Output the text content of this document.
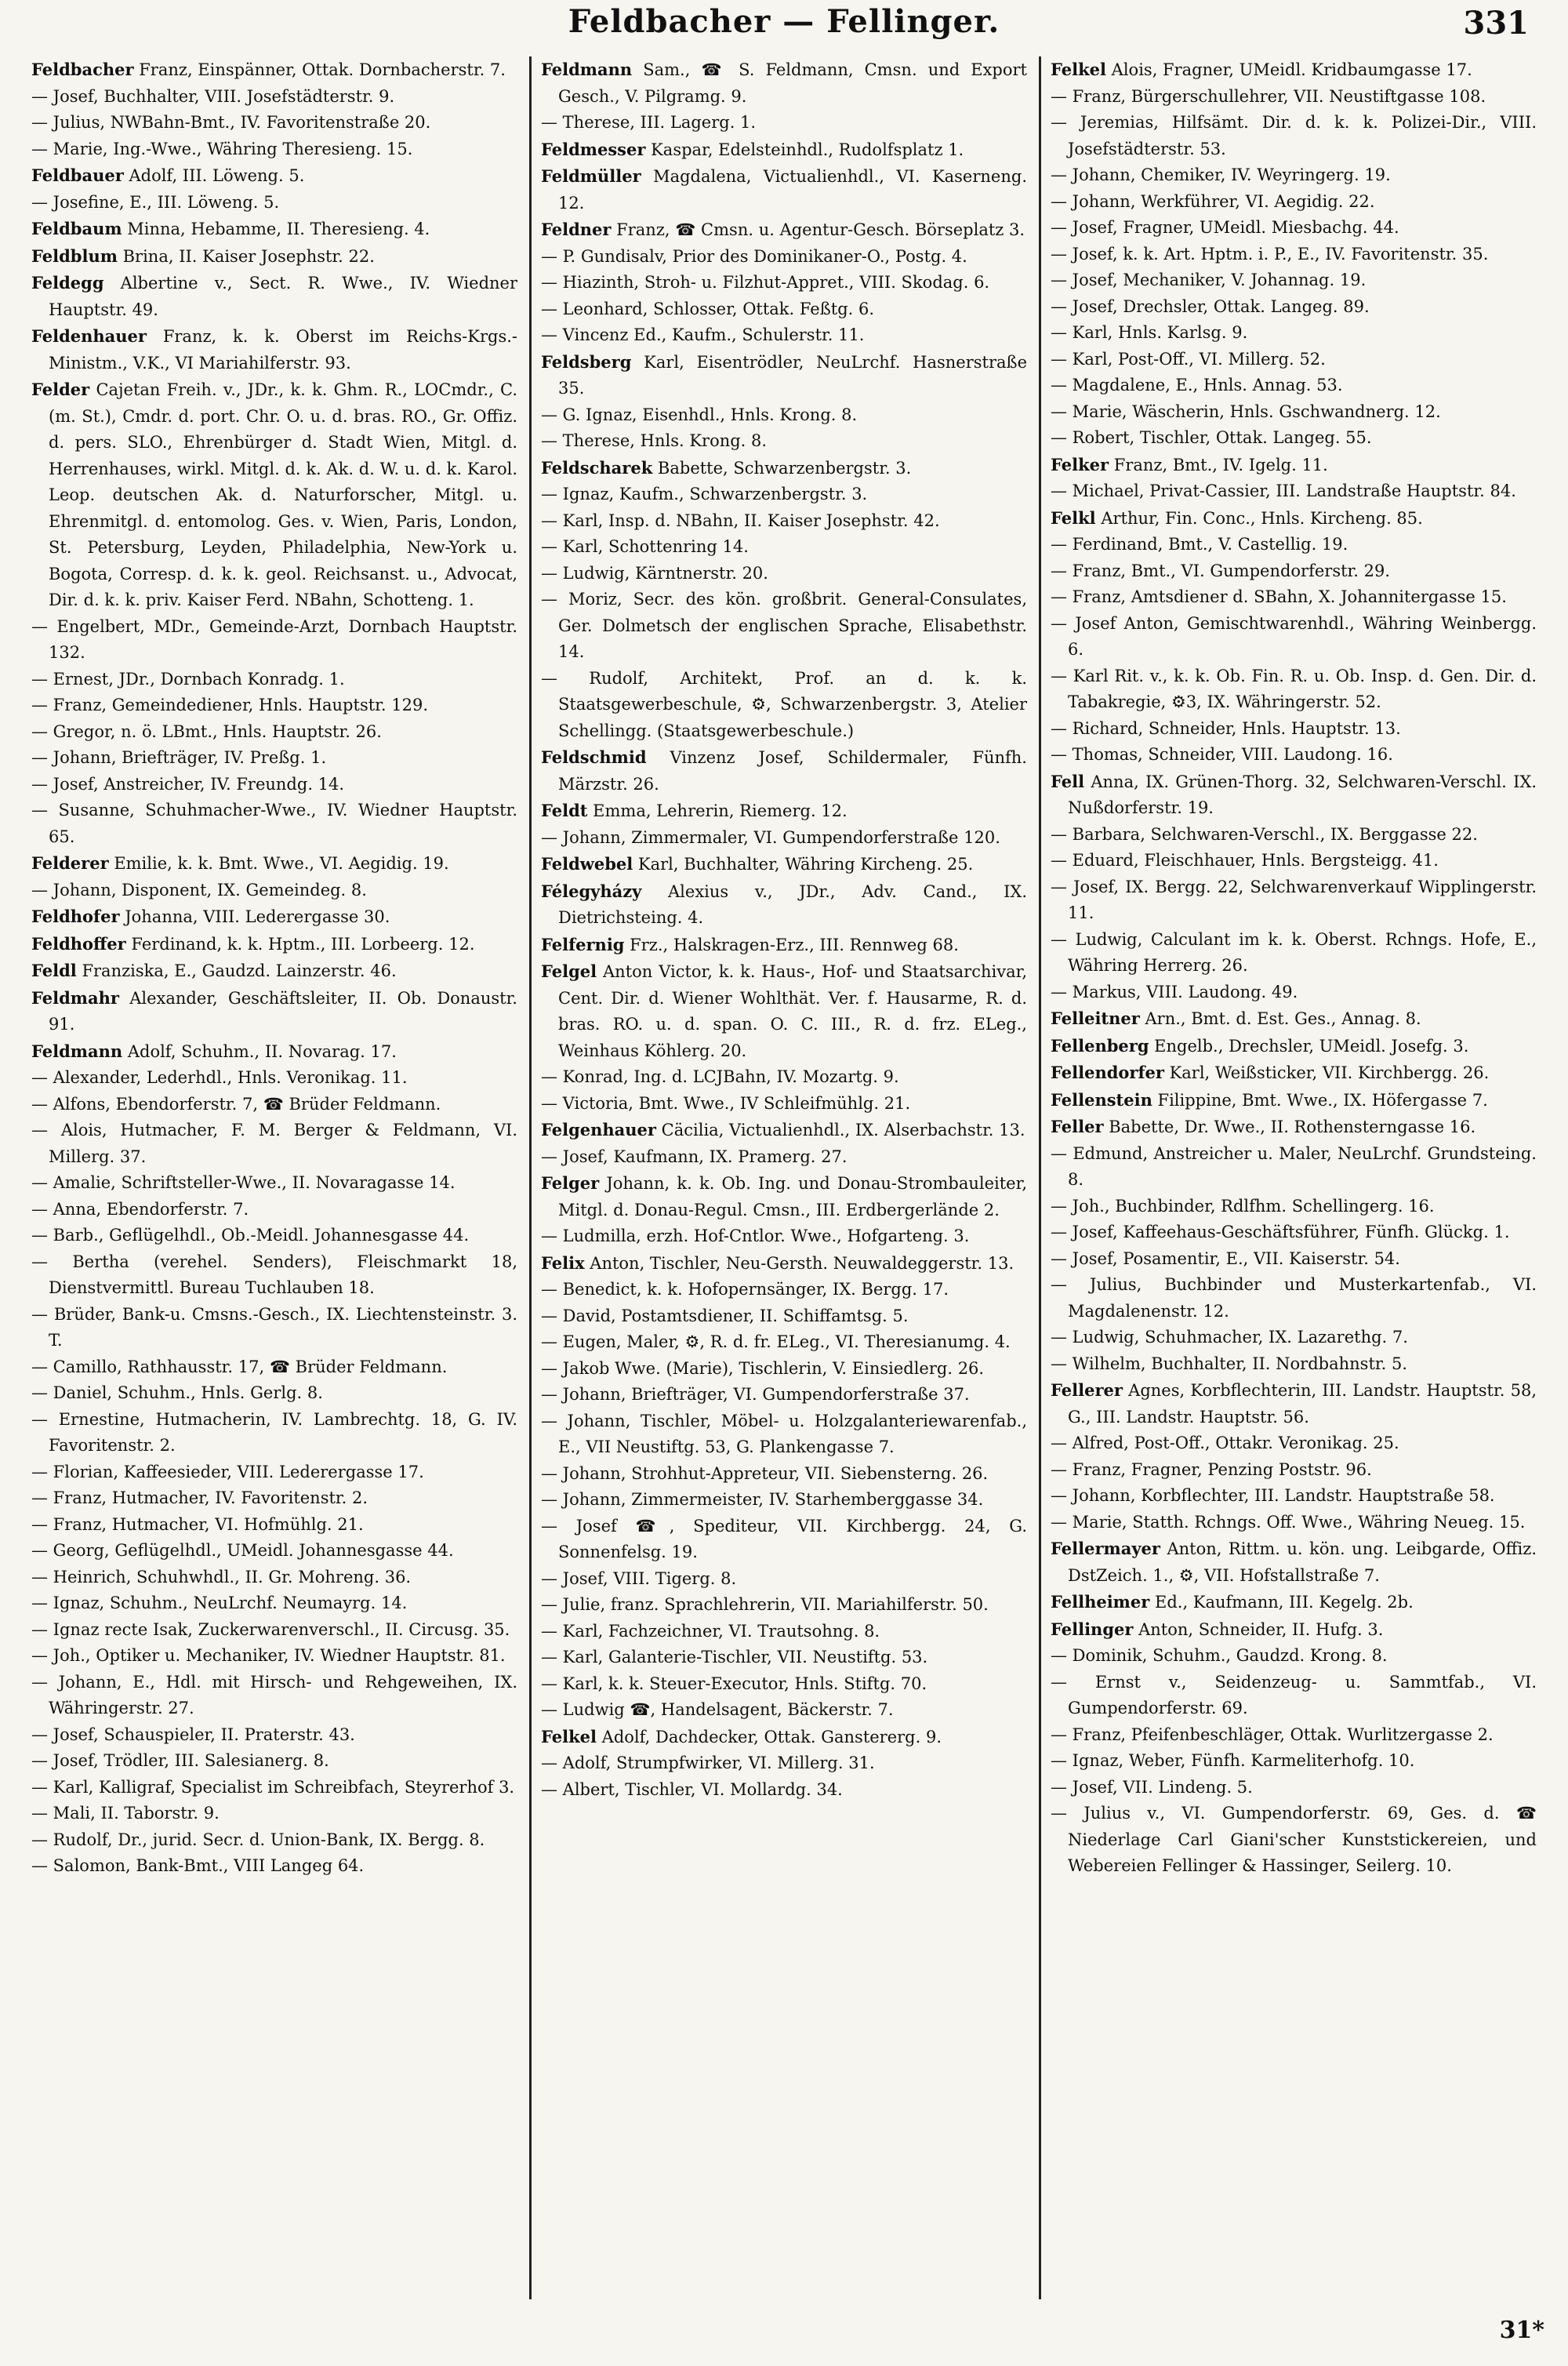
Feldbacher — Fellinger.	331

Feldbacher Franz, Einspänner, Ottak. Dornbacherstr. 7.

— Josef, Buchhalter, VIII. Josefstädterstr. 9.

— Julius, NWBahn-Bmt., IV. Favoritenstraße 20.

— Marie, Ing.-Wwe., Währing Theresieng. 15.

Feldbauer Adolf, III. Löweng. 5.

— Josefine, E., III. Löweng. 5.

Feldbaum Minna, Hebamme, II. Theresieng. 4.

Feldblum Brina, II. Kaiser Josephstr. 22.

Feldegg Albertine v., Sect. R. Wwe., IV. Wiedner Hauptstr. 49.

Feldenhauer Franz, k. k. Oberst im Reichs-Krgs.-Ministm., V.K., VI Mariahilferstr. 93.

Felder Cajetan Freih. v., JDr., k. k. Ghm. R., LOCmdr., C. (m. St.), Cmdr. d. port. Chr. O. u. d. bras. RO., Gr. Offiz. d. pers. SLO., Ehrenbürger d. Stadt Wien, Mitgl. d. Herrenhauses, wirkl. Mitgl. d. k. Ak. d. W. u. d. k. Karol. Leop. deutschen Ak. d. Naturforscher, Mitgl. u. Ehrenmitgl. d. entomolog. Ges. v. Wien, Paris, London, St. Petersburg, Leyden, Philadelphia, New-York u. Bogota, Corresp. d. k. k. geol. Reichsanst. u., Advocat, Dir. d. k. k. priv. Kaiser Ferd. NBahn, Schotteng. 1.

— Engelbert, MDr., Gemeinde-Arzt, Dornbach Hauptstr. 132.

— Ernest, JDr., Dornbach Konradg. 1.

— Franz, Gemeindediener, Hnls. Hauptstr. 129.

— Gregor, n. ö. LBmt., Hnls. Hauptstr. 26.

— Johann, Briefträger, IV. Preßg. 1.

— Josef, Anstreicher, IV. Freundg. 14.

— Susanne, Schuhmacher-Wwe., IV. Wiedner Hauptstr. 65.

Felderer Emilie, k. k. Bmt. Wwe., VI. Aegidig. 19.

— Johann, Disponent, IX. Gemeindeg. 8.

Feldhofer Johanna, VIII. Lederergasse 30.

Feldhoffer Ferdinand, k. k. Hptm., III. Lorbeerg. 12.

Feldl Franziska, E., Gaudzd. Lainzerstr. 46.

Feldmahr Alexander, Geschäftsleiter, II. Ob. Donaustr. 91.

Feldmann Adolf, Schuhm., II. Novarag. 17.

— Alexander, Lederhdl., Hnls. Veronikag. 11.

— Alfons, Ebendorferstr. 7, ☎ Brüder Feldmann.

— Alois, Hutmacher, F. M. Berger & Feldmann, VI. Millerg. 37.

— Amalie, Schriftsteller-Wwe., II. Novaragasse 14.

— Anna, Ebendorferstr. 7.

— Barb., Geflügelhdl., Ob.-Meidl. Johannesgasse 44.

— Bertha (verehel. Senders), Fleischmarkt 18, Dienstvermittl. Bureau Tuchlauben 18.

— Brüder, Bank-u. Cmsns.-Gesch., IX. Liechtensteinstr. 3. T.

— Camillo, Rathhausstr. 17, ☎ Brüder Feldmann.

— Daniel, Schuhm., Hnls. Gerlg. 8.

— Ernestine, Hutmacherin, IV. Lambrechtg. 18, G. IV. Favoritenstr. 2.

— Florian, Kaffeesieder, VIII. Lederergasse 17.

— Franz, Hutmacher, IV. Favoritenstr. 2.

— Franz, Hutmacher, VI. Hofmühlg. 21.

— Georg, Geflügelhdl., UMeidl. Johannesgasse 44.

— Heinrich, Schuhwhdl., II. Gr. Mohreng. 36.

— Ignaz, Schuhm., NeuLrchf. Neumayrg. 14.

— Ignaz recte Isak, Zuckerwarenverschl., II. Circusg. 35.

— Joh., Optiker u. Mechaniker, IV. Wiedner Hauptstr. 81.

— Johann, E., Hdl. mit Hirsch- und Rehgeweihen, IX. Währingerstr. 27.

— Josef, Schauspieler, II. Praterstr. 43.

— Josef, Trödler, III. Salesianerg. 8.

— Karl, Kalligraf, Specialist im Schreibfach, Steyrerhof 3.

— Mali, II. Taborstr. 9.

— Rudolf, Dr., jurid. Secr. d. Union-Bank, IX. Bergg. 8.

— Salomon, Bank-Bmt., VIII Langeg 64.

Feldmann Sam., ☎ S. Feldmann, Cmsn. und Export Gesch., V. Pilgramg. 9.

— Therese, III. Lagerg. 1.

Feldmesser Kaspar, Edelsteinhdl., Rudolfsplatz 1.

Feldmüller Magdalena, Victualienhdl., VI. Kaserneng. 12.

Feldner Franz, ☎ Cmsn. u. Agentur-Gesch. Börseplatz 3.

— P. Gundisalv, Prior des Dominikaner-O., Postg. 4.

— Hiazinth, Stroh- u. Filzhut-Appret., VIII. Skodag. 6.

— Leonhard, Schlosser, Ottak. Feßtg. 6.

— Vincenz Ed., Kaufm., Schulerstr. 11.

Feldsberg Karl, Eisentrödler, NeuLrchf. Hasnerstraße 35.

— G. Ignaz, Eisenhdl., Hnls. Krong. 8.

— Therese, Hnls. Krong. 8.

Feldscharek Babette, Schwarzenbergstr. 3.

— Ignaz, Kaufm., Schwarzenbergstr. 3.

— Karl, Insp. d. NBahn, II. Kaiser Josephstr. 42.

— Karl, Schottenring 14.

— Ludwig, Kärntnerstr. 20.

— Moriz, Secr. des kön. großbrit. General-Consulates, Ger. Dolmetsch der englischen Sprache, Elisabethstr. 14.

— Rudolf, Architekt, Prof. an d. k. k. Staatsgewerbeschule, ⚙, Schwarzenbergstr. 3, Atelier Schellingg. (Staatsgewerbeschule.)

Feldschmid Vinzenz Josef, Schildermaler, Fünfh. Märzstr. 26.

Feldt Emma, Lehrerin, Riemerg. 12.

— Johann, Zimmermaler, VI. Gumpendorferstraße 120.

Feldwebel Karl, Buchhalter, Währing Kircheng. 25.

Félegyházy Alexius v., JDr., Adv. Cand., IX. Dietrichsteing. 4.

Felfernig Frz., Halskragen-Erz., III. Rennweg 68.

Felgel Anton Victor, k. k. Haus-, Hof- und Staatsarchivar, Cent. Dir. d. Wiener Wohlthät. Ver. f. Hausarme, R. d. bras. RO. u. d. span. O. C. III., R. d. frz. ELeg., Weinhaus Köhlerg. 20.

— Konrad, Ing. d. LCJBahn, IV. Mozartg. 9.

— Victoria, Bmt. Wwe., IV Schleifmühlg. 21.

Felgenhauer Cäcilia, Victualienhdl., IX. Alserbachstr. 13.

— Josef, Kaufmann, IX. Pramerg. 27.

Felger Johann, k. k. Ob. Ing. und Donau-Strombauleiter, Mitgl. d. Donau-Regul. Cmsn., III. Erdbergerlände 2.

— Ludmilla, erzh. Hof-Cntlor. Wwe., Hofgarteng. 3.

Felix Anton, Tischler, Neu-Gersth. Neuwaldeggerstr. 13.

— Benedict, k. k. Hofopernsänger, IX. Bergg. 17.

— David, Postamtsdiener, II. Schiffamtsg. 5.

— Eugen, Maler, ⚙, R. d. fr. ELeg., VI. Theresianumg. 4.

— Jakob Wwe. (Marie), Tischlerin, V. Einsiedlerg. 26.

— Johann, Briefträger, VI. Gumpendorferstraße 37.

— Johann, Tischler, Möbel- u. Holzgalanteriewarenfab., E., VII Neustiftg. 53, G. Plankengasse 7.

— Johann, Strohhut-Appreteur, VII. Siebensterng. 26.

— Johann, Zimmermeister, IV. Starhemberggasse 34.

— Josef ☎, Spediteur, VII. Kirchbergg. 24, G. Sonnenfelsg. 19.

— Josef, VIII. Tigerg. 8.

— Julie, franz. Sprachlehrerin, VII. Mariahilferstr. 50.

— Karl, Fachzeichner, VI. Trautsohng. 8.

— Karl, Galanterie-Tischler, VII. Neustiftg. 53.

— Karl, k. k. Steuer-Executor, Hnls. Stiftg. 70.

— Ludwig ☎, Handelsagent, Bäckerstr. 7.

Felkel Adolf, Dachdecker, Ottak. Ganstererg. 9.

— Adolf, Strumpfwirker, VI. Millerg. 31.

— Albert, Tischler, VI. Mollardg. 34.

Felkel Alois, Fragner, UMeidl. Kridbaumgasse 17.

— Franz, Bürgerschullehrer, VII. Neustiftgasse 108.

— Jeremias, Hilfsämt. Dir. d. k. k. Polizei-Dir., VIII. Josefstädterstr. 53.

— Johann, Chemiker, IV. Weyringerg. 19.

— Johann, Werkführer, VI. Aegidig. 22.

— Josef, Fragner, UMeidl. Miesbachg. 44.

— Josef, k. k. Art. Hptm. i. P., E., IV. Favoritenstr. 35.

— Josef, Mechaniker, V. Johannag. 19.

— Josef, Drechsler, Ottak. Langeg. 89.

— Karl, Hnls. Karlsg. 9.

— Karl, Post-Off., VI. Millerg. 52.

— Magdalene, E., Hnls. Annag. 53.

— Marie, Wäscherin, Hnls. Gschwandnerg. 12.

— Robert, Tischler, Ottak. Langeg. 55.

Felker Franz, Bmt., IV. Igelg. 11.

— Michael, Privat-Cassier, III. Landstraße Hauptstr. 84.

Felkl Arthur, Fin. Conc., Hnls. Kircheng. 85.

— Ferdinand, Bmt., V. Castellig. 19.

— Franz, Bmt., VI. Gumpendorferstr. 29.

— Franz, Amtsdiener d. SBahn, X. Johannitergasse 15.

— Josef Anton, Gemischtwarenhdl., Währing Weinbergg. 6.

— Karl Rit. v., k. k. Ob. Fin. R. u. Ob. Insp. d. Gen. Dir. d. Tabakregie, ⚙3, IX. Währingerstr. 52.

— Richard, Schneider, Hnls. Hauptstr. 13.

— Thomas, Schneider, VIII. Laudong. 16.

Fell Anna, IX. Grünen-Thorg. 32, Selchwaren-Verschl. IX. Nußdorferstr. 19.

— Barbara, Selchwaren-Verschl., IX. Berggasse 22.

— Eduard, Fleischhauer, Hnls. Bergsteigg. 41.

— Josef, IX. Bergg. 22, Selchwarenverkauf Wipplingerstr. 11.

— Ludwig, Calculant im k. k. Oberst. Rchngs. Hofe, E., Währing Herrerg. 26.

— Markus, VIII. Laudong. 49.

Felleitner Arn., Bmt. d. Est. Ges., Annag. 8.

Fellenberg Engelb., Drechsler, UMeidl. Josefg. 3.

Fellendorfer Karl, Weißsticker, VII. Kirchbergg. 26.

Fellenstein Filippine, Bmt. Wwe., IX. Höfergasse 7.

Feller Babette, Dr. Wwe., II. Rothensterngasse 16.

— Edmund, Anstreicher u. Maler, NeuLrchf. Grundsteing. 8.

— Joh., Buchbinder, Rdlfhm. Schellingerg. 16.

— Josef, Kaffeehaus-Geschäftsführer, Fünfh. Glückg. 1.

— Josef, Posamentir, E., VII. Kaiserstr. 54.

— Julius, Buchbinder und Musterkartenfab., VI. Magdalenenstr. 12.

— Ludwig, Schuhmacher, IX. Lazarethg. 7.

— Wilhelm, Buchhalter, II. Nordbahnstr. 5.

Fellerer Agnes, Korbflechterin, III. Landstr. Hauptstr. 58, G., III. Landstr. Hauptstr. 56.

— Alfred, Post-Off., Ottakr. Veronikag. 25.

— Franz, Fragner, Penzing Poststr. 96.

— Johann, Korbflechter, III. Landstr. Hauptstraße 58.

— Marie, Statth. Rchngs. Off. Wwe., Währing Neueg. 15.

Fellermayer Anton, Rittm. u. kön. ung. Leibgarde, Offiz. DstZeich. 1., ⚙, VII. Hofstallstraße 7.

Fellheimer Ed., Kaufmann, III. Kegelg. 2b.

Fellinger Anton, Schneider, II. Hufg. 3.

— Dominik, Schuhm., Gaudzd. Krong. 8.

— Ernst v., Seidenzeug- u. Sammtfab., VI. Gumpendorferstr. 69.

— Franz, Pfeifenbeschläger, Ottak. Wurlitzergasse 2.

— Ignaz, Weber, Fünfh. Karmeliterhofg. 10.

— Josef, VII. Lindeng. 5.

— Julius v., VI. Gumpendorferstr. 69, Ges. d. ☎ Niederlage Carl Giani'scher Kunststickereien, und Webereien Fellinger & Hassinger, Seilerg. 10.

31*
